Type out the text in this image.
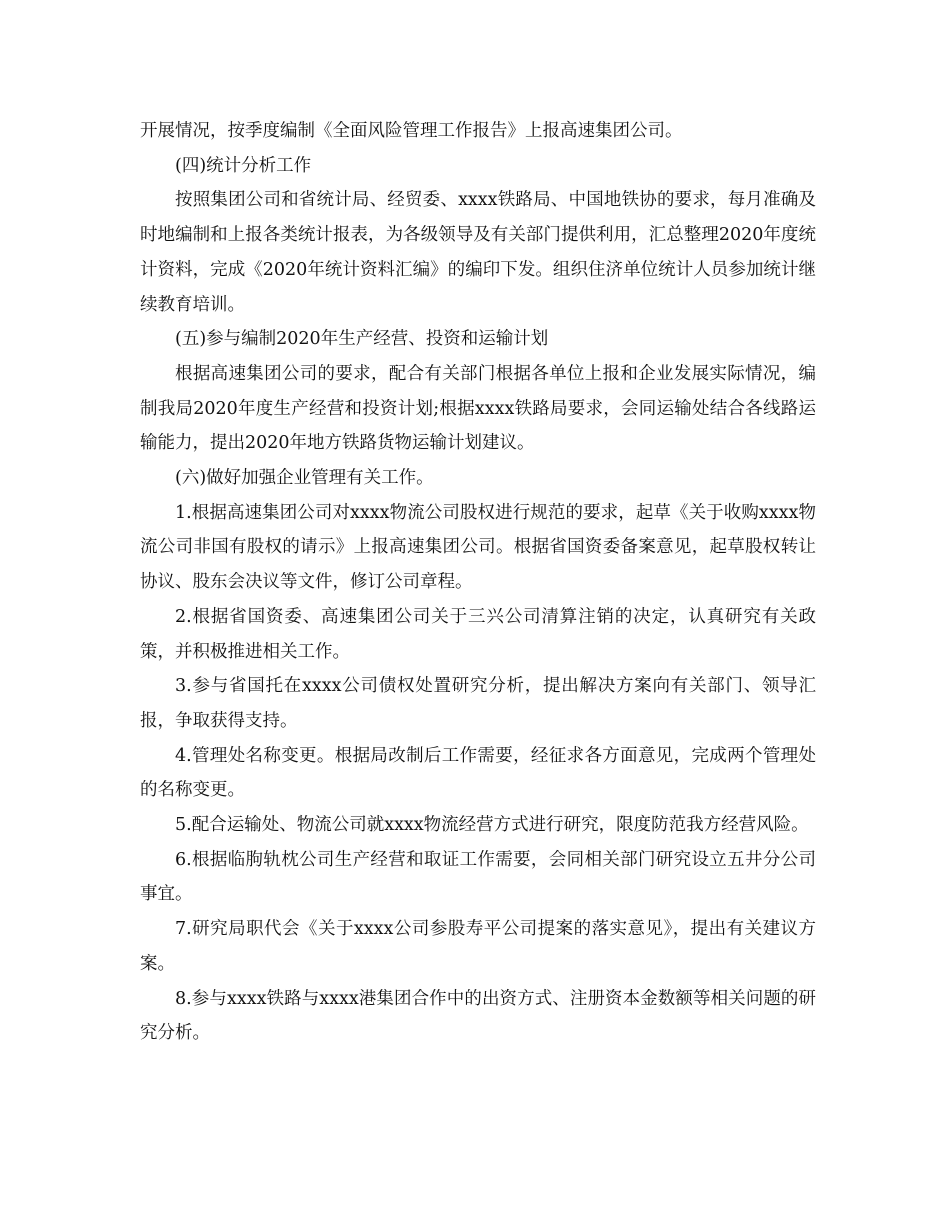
开展情况，按季度编制《全面风险管理工作报告》上报高速集团公司。

(四)统计分析工作

按照集团公司和省统计局、经贸委、xxxx铁路局、中国地铁协的要求，每月准确及时地编制和上报各类统计报表，为各级领导及有关部门提供利用，汇总整理2020年度统计资料，完成《2020年统计资料汇编》的编印下发。组织住济单位统计人员参加统计继续教育培训。

(五)参与编制2020年生产经营、投资和运输计划

根据高速集团公司的要求，配合有关部门根据各单位上报和企业发展实际情况，编制我局2020年度生产经营和投资计划;根据xxxx铁路局要求，会同运输处结合各线路运输能力，提出2020年地方铁路货物运输计划建议。

(六)做好加强企业管理有关工作。

1.根据高速集团公司对xxxx物流公司股权进行规范的要求，起草《关于收购xxxx物流公司非国有股权的请示》上报高速集团公司。根据省国资委备案意见，起草股权转让协议、股东会决议等文件，修订公司章程。

2.根据省国资委、高速集团公司关于三兴公司清算注销的决定，认真研究有关政策，并积极推进相关工作。

3.参与省国托在xxxx公司债权处置研究分析，提出解决方案向有关部门、领导汇报，争取获得支持。

4.管理处名称变更。根据局改制后工作需要，经征求各方面意见，完成两个管理处的名称变更。

5.配合运输处、物流公司就xxxx物流经营方式进行研究，限度防范我方经营风险。

6.根据临朐轨枕公司生产经营和取证工作需要，会同相关部门研究设立五井分公司事宜。

7.研究局职代会《关于xxxx公司参股寿平公司提案的落实意见》，提出有关建议方案。

8.参与xxxx铁路与xxxx港集团合作中的出资方式、注册资本金数额等相关问题的研究分析。
